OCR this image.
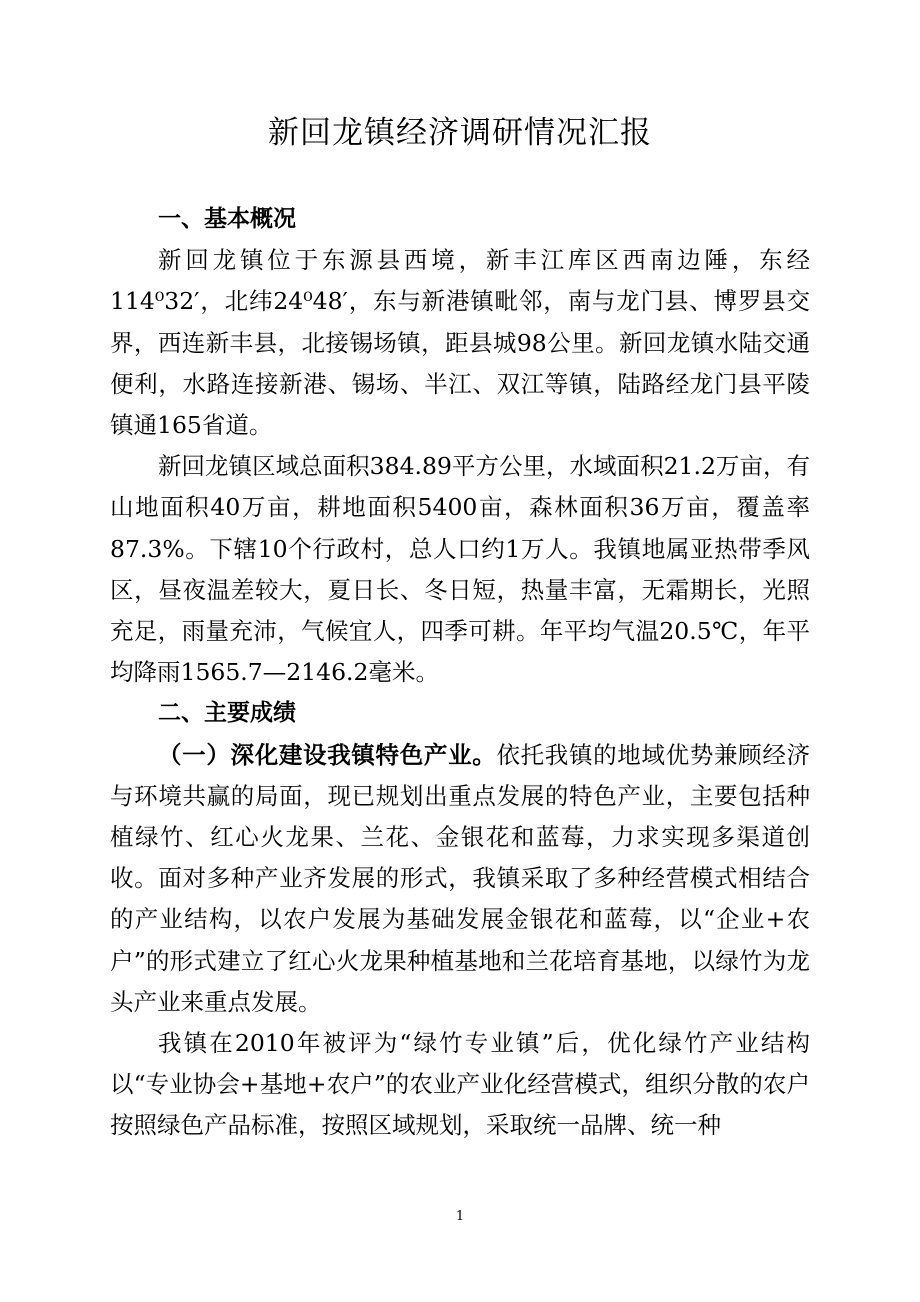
新回龙镇经济调研情况汇报

一、基本概况

新回龙镇位于东源县西境，新丰江库区西南边陲，东经114⁰32′，北纬24⁰48′，东与新港镇毗邻，南与龙门县、博罗县交界，西连新丰县，北接锡场镇，距县城98公里。新回龙镇水陆交通便利，水路连接新港、锡场、半江、双江等镇，陆路经龙门县平陵镇通165省道。

新回龙镇区域总面积384.89平方公里，水域面积21.2万亩，有山地面积40万亩，耕地面积5400亩，森林面积36万亩，覆盖率87.3%。下辖10个行政村，总人口约1万人。我镇地属亚热带季风区，昼夜温差较大，夏日长、冬日短，热量丰富，无霜期长，光照充足，雨量充沛，气候宜人，四季可耕。年平均气温20.5℃，年平均降雨1565.7—2146.2毫米。

二、主要成绩

（一）深化建设我镇特色产业。依托我镇的地域优势兼顾经济与环境共赢的局面，现已规划出重点发展的特色产业，主要包括种植绿竹、红心火龙果、兰花、金银花和蓝莓，力求实现多渠道创收。面对多种产业齐发展的形式，我镇采取了多种经营模式相结合的产业结构，以农户发展为基础发展金银花和蓝莓，以“企业+农户”的形式建立了红心火龙果种植基地和兰花培育基地，以绿竹为龙头产业来重点发展。

我镇在2010年被评为“绿竹专业镇”后，优化绿竹产业结构以“专业协会+基地+农户”的农业产业化经营模式，组织分散的农户按照绿色产品标准，按照区域规划，采取统一品牌、统一种

1
